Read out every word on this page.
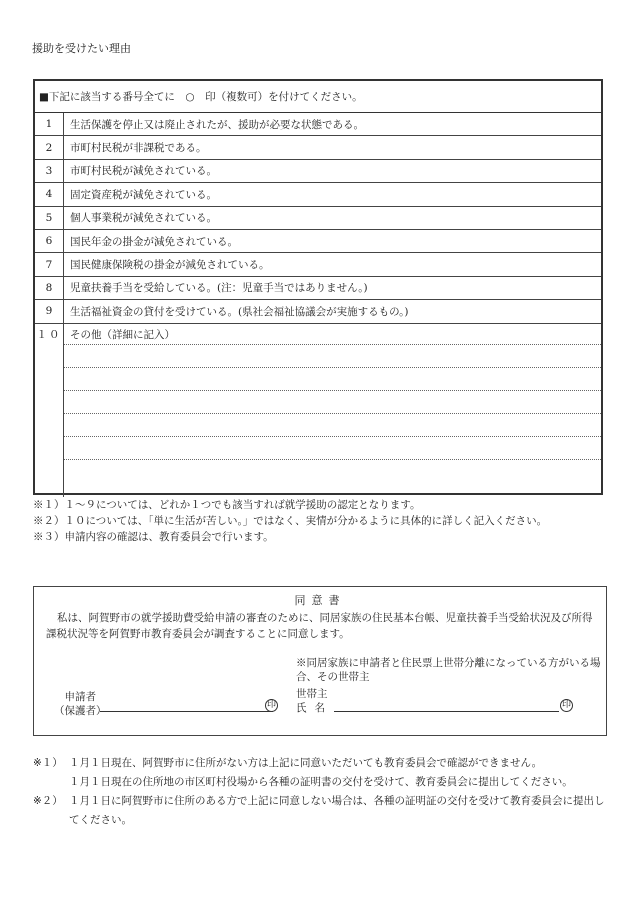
援助を受けたい理由
■下記に該当する番号全てに　○　印（複数可）を付けてください。
1	生活保護を停止又は廃止されたが、援助が必要な状態である。
2	市町村民税が非課税である。
3	市町村民税が減免されている。
4	固定資産税が減免されている。
5	個人事業税が減免されている。
6	国民年金の掛金が減免されている。
7	国民健康保険税の掛金が減免されている。
8	児童扶養手当を受給している。(注：児童手当ではありません。)
9	生活福祉資金の貸付を受けている。(県社会福祉協議会が実施するもの。)
１０ その他（詳細に記入）
※１）１～９については、どれか１つでも該当すれば就学援助の認定となります。
※２）１０については、「単に生活が苦しい。」ではなく、実情が分かるように具体的に詳しく記入ください。
※３）申請内容の確認は、教育委員会で行います。
同意書
私は、阿賀野市の就学援助費受給申請の審査のために、同居家族の住民基本台帳、児童扶養手当受給状況及び所得課税状況等を阿賀野市教育委員会が調査することに同意します。
※同居家族に申請者と住民票上世帯分離になっている方がいる場合、その世帯主
世帯主
申請者
（保護者）	印 氏名	印
※１） １月１日現在、阿賀野市に住所がない方は上記に同意いただいても教育委員会で確認ができません。
１月１日現在の住所地の市区町村役場から各種の証明書の交付を受けて、教育委員会に提出してください。
※２） １月１日に阿賀野市に住所のある方で上記に同意しない場合は、各種の証明証の交付を受けて教育委員会に提出してください。
